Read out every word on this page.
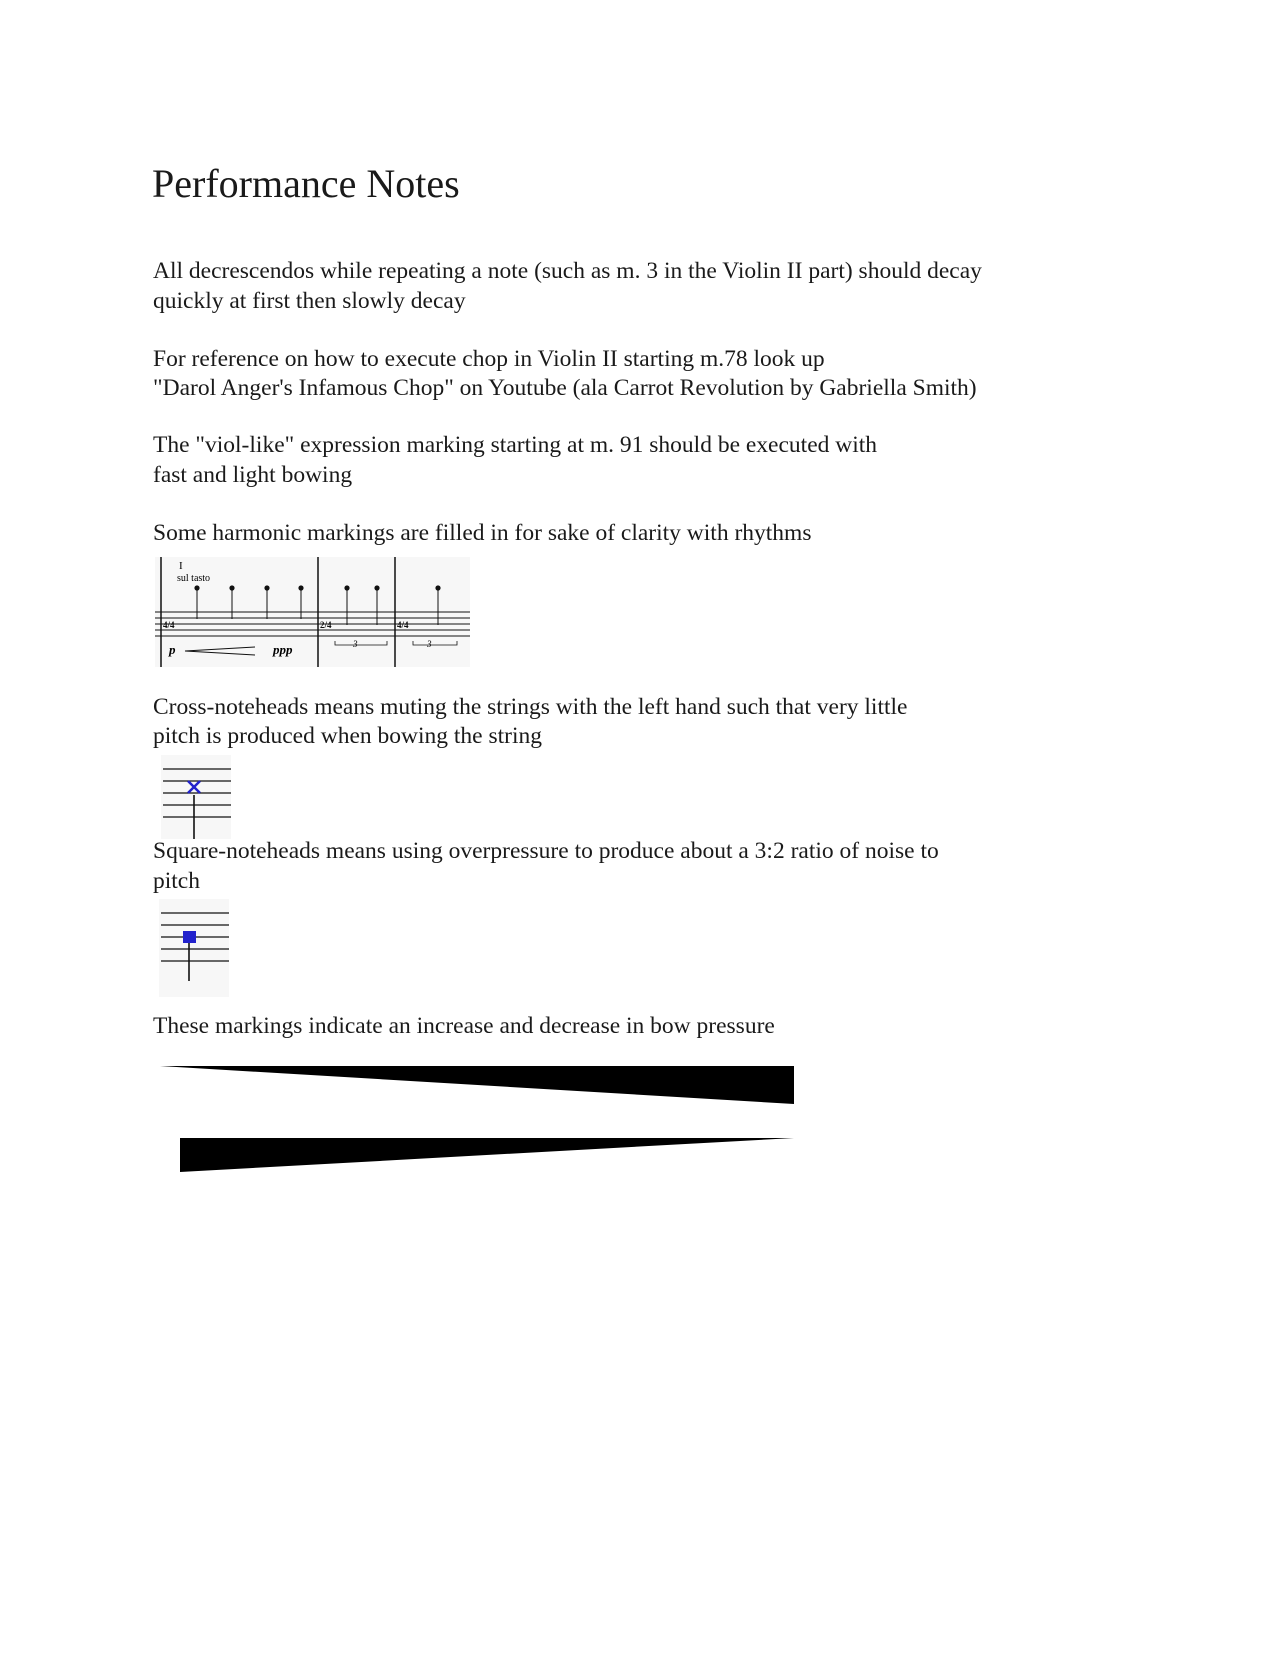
Performance Notes
All decrescendos while repeating a note (such as m. 3 in the Violin II part) should decay
quickly at first then slowly decay
For reference on how to execute chop in Violin II starting m.78 look up
"Darol Anger's Infamous Chop" on Youtube (ala Carrot Revolution by Gabriella Smith)
The "viol-like" expression marking starting at m. 91 should be executed with
fast and light bowing
Some harmonic markings are filled in for sake of clarity with rhythms
4/4	2/4	4/4
I
sul tasto
p	ppp	3	3
Cross-noteheads means muting the strings with the left hand such that very little
pitch is produced when bowing the string
Square-noteheads means using overpressure to produce about a 3:2 ratio of noise to
pitch
These markings indicate an increase and decrease in bow pressure
